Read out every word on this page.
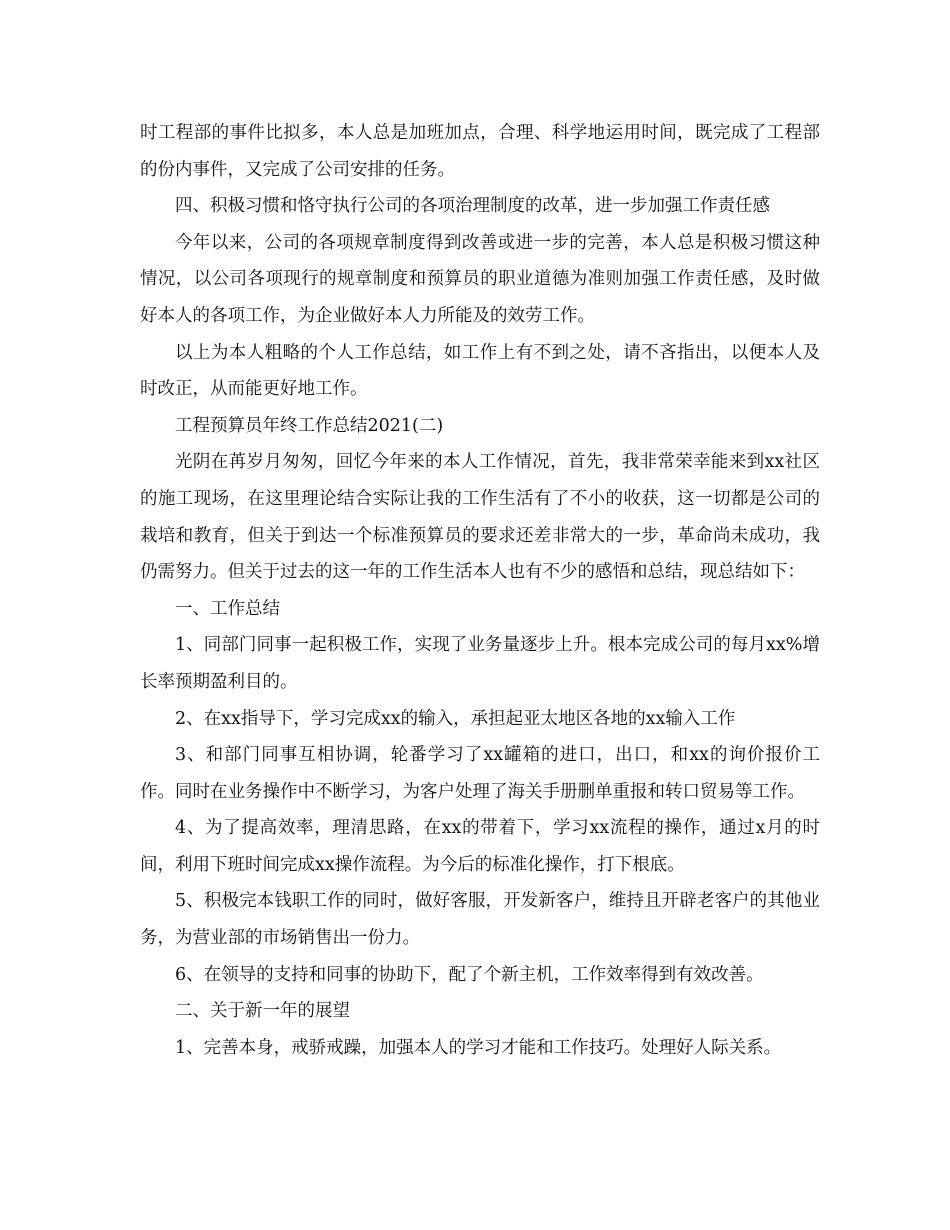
时工程部的事件比拟多，本人总是加班加点，合理、科学地运用时间，既完成了工程部的份内事件，又完成了公司安排的任务。

四、积极习惯和恪守执行公司的各项治理制度的改革，进一步加强工作责任感

今年以来，公司的各项规章制度得到改善或进一步的完善，本人总是积极习惯这种情况，以公司各项现行的规章制度和预算员的职业道德为准则加强工作责任感，及时做好本人的各项工作，为企业做好本人力所能及的效劳工作。

以上为本人粗略的个人工作总结，如工作上有不到之处，请不吝指出，以便本人及时改正，从而能更好地工作。

工程预算员年终工作总结2021(二)

光阴在苒岁月匆匆，回忆今年来的本人工作情况，首先，我非常荣幸能来到xx社区的施工现场，在这里理论结合实际让我的工作生活有了不小的收获，这一切都是公司的栽培和教育，但关于到达一个标准预算员的要求还差非常大的一步，革命尚未成功，我仍需努力。但关于过去的这一年的工作生活本人也有不少的感悟和总结，现总结如下：

一、工作总结

1、同部门同事一起积极工作，实现了业务量逐步上升。根本完成公司的每月xx%增长率预期盈利目的。

2、在xx指导下，学习完成xx的输入，承担起亚太地区各地的xx输入工作

3、和部门同事互相协调，轮番学习了xx罐箱的进口，出口，和xx的询价报价工作。同时在业务操作中不断学习，为客户处理了海关手册删单重报和转口贸易等工作。

4、为了提高效率，理清思路，在xx的带着下，学习xx流程的操作，通过x月的时间，利用下班时间完成xx操作流程。为今后的标准化操作，打下根底。

5、积极完本钱职工作的同时，做好客服，开发新客户，维持且开辟老客户的其他业务，为营业部的市场销售出一份力。

6、在领导的支持和同事的协助下，配了个新主机，工作效率得到有效改善。

二、关于新一年的展望

1、完善本身，戒骄戒躁，加强本人的学习才能和工作技巧。处理好人际关系。
